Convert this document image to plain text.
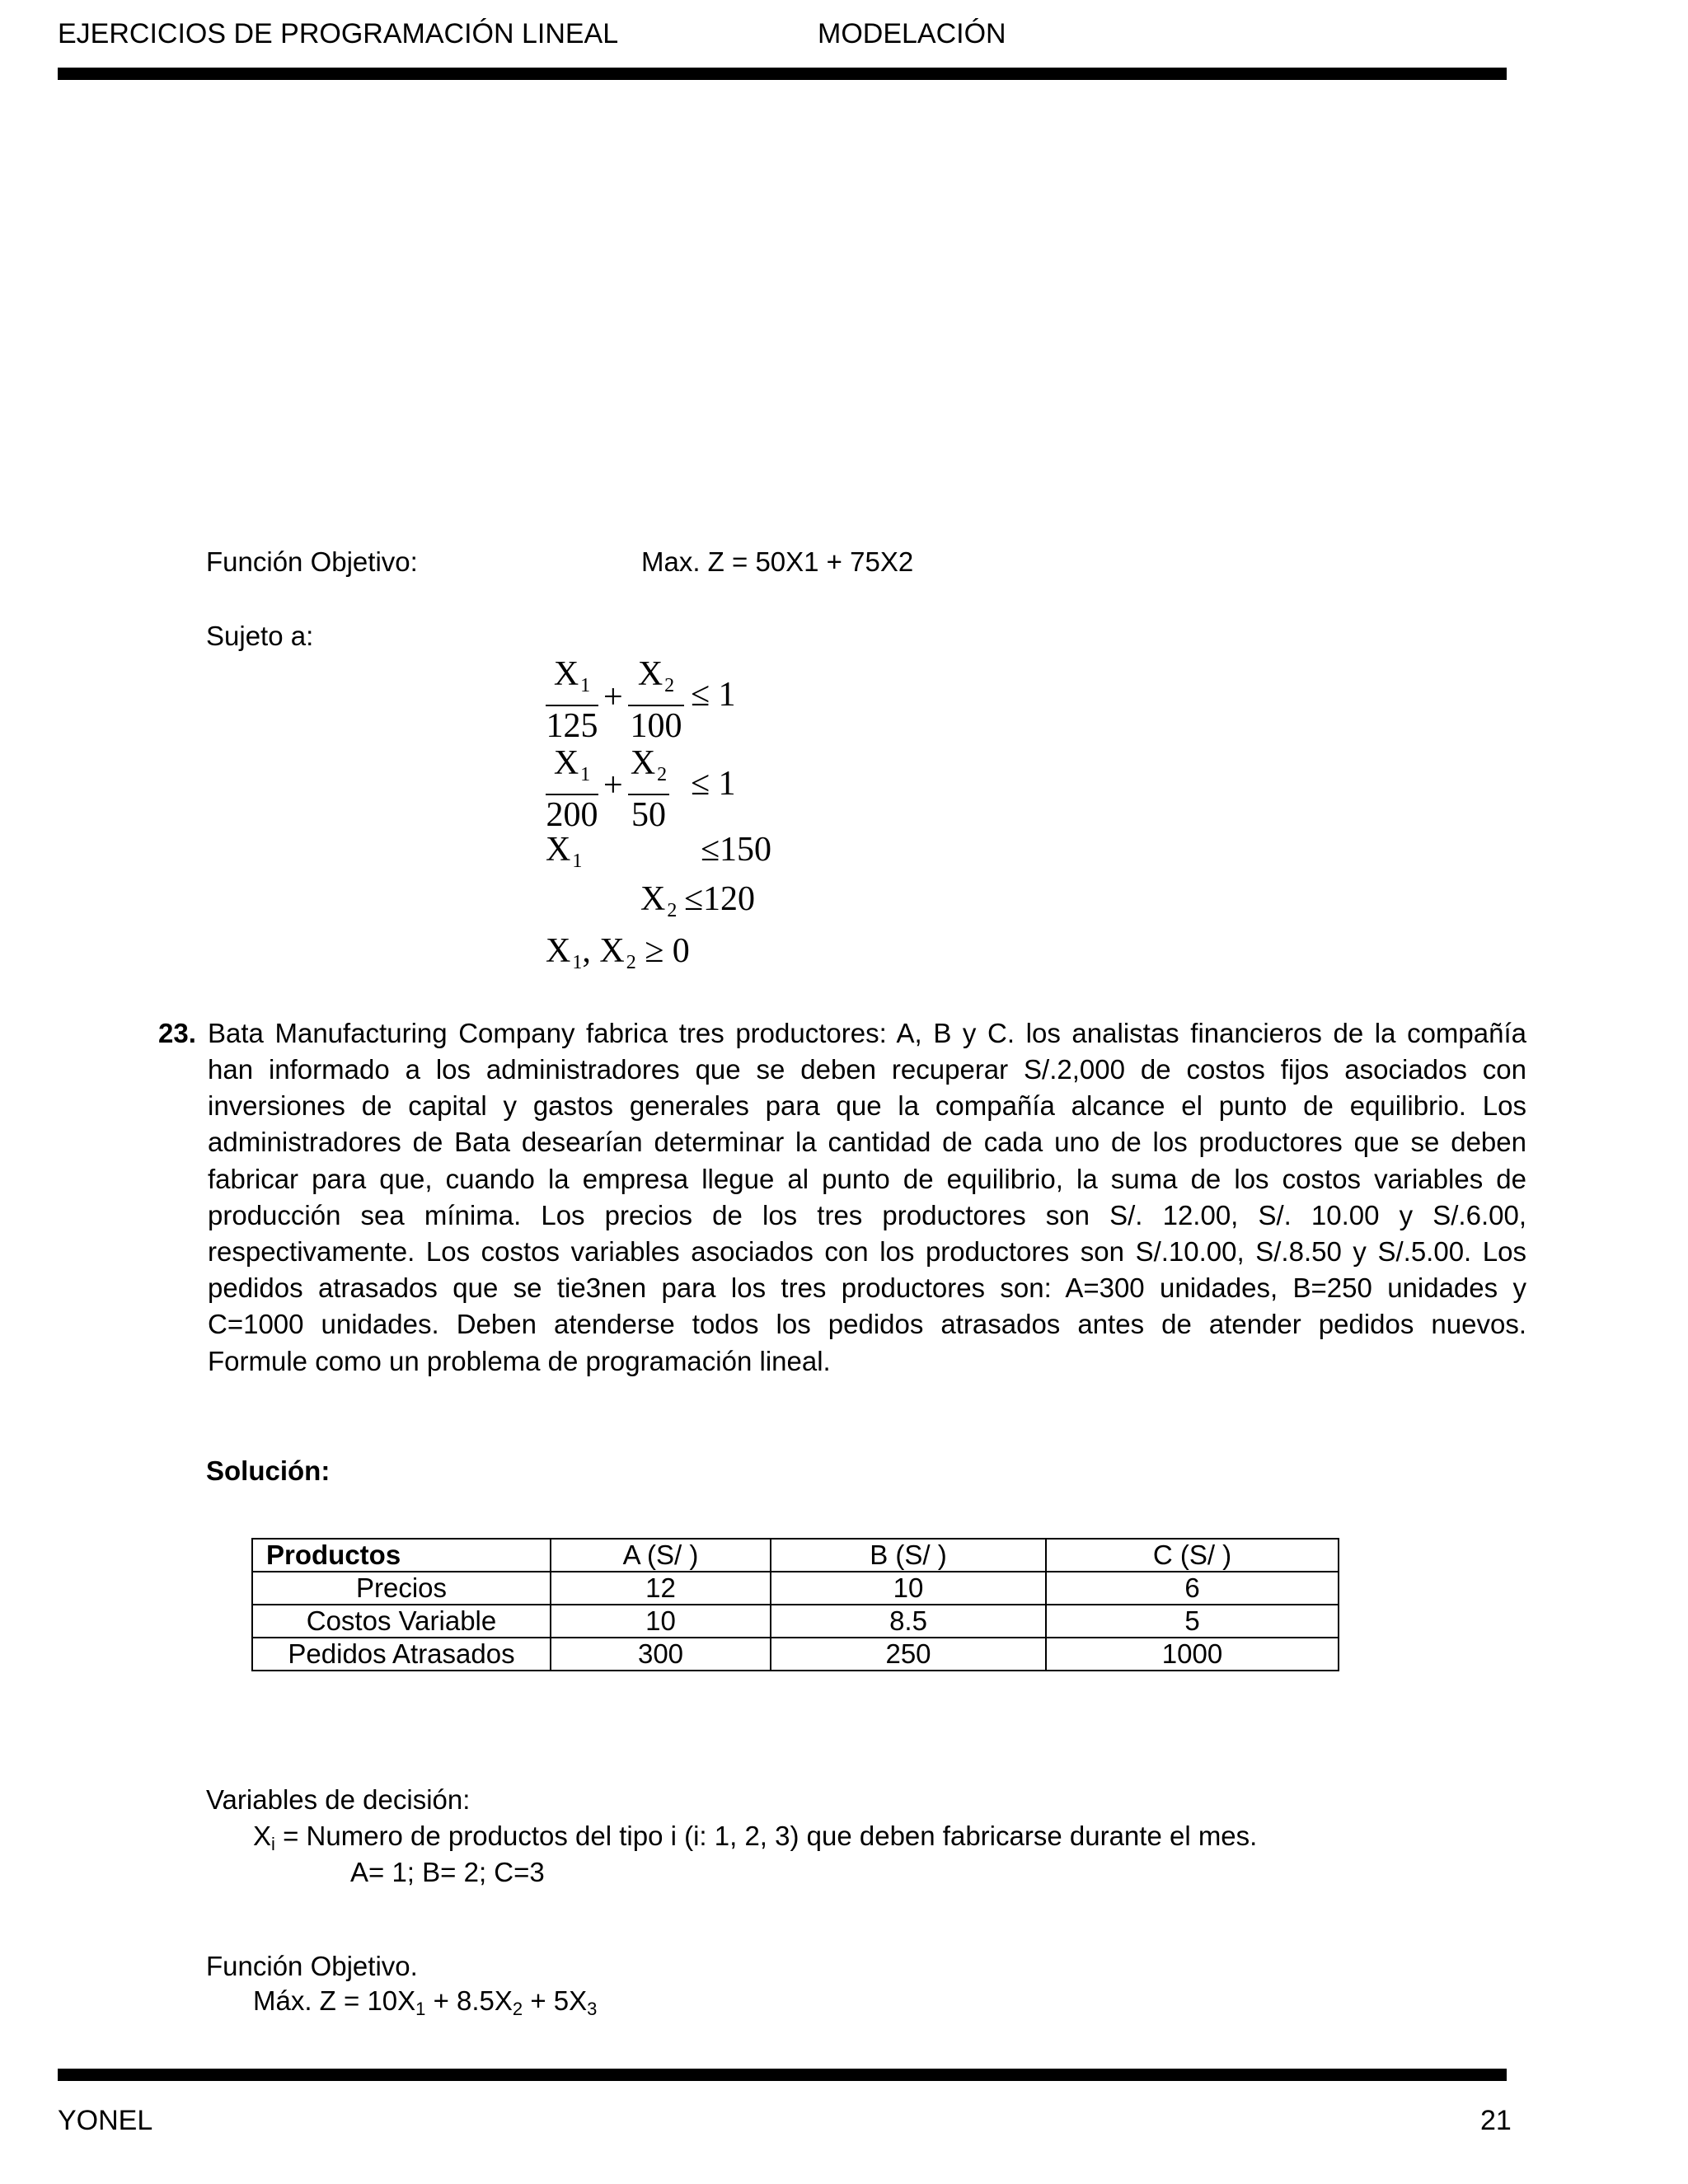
EJERCICIOS DE PROGRAMACIÓN LINEAL	MODELACIÓN
Función Objetivo:	Max. Z = 50X1 + 75X2
Sujeto a:
$X_1$
125
+
$X_2$
100
≤ 1
$X_1$
200
+
$X_2$
50
≤ 1
$X_1$	≤150
$X_2 \le 120$
$X_1$, $X_2 \ge 0$
23. Bata Manufacturing Company fabrica tres productores: A, B y C. los analistas financieros de la compañía
han informado a los administradores que se deben recuperar S/.2,000 de costos fijos asociados con
inversiones de capital y gastos generales para que la compañía alcance el punto de equilibrio. Los
administradores de Bata desearían determinar la cantidad de cada uno de los productores que se deben
fabricar para que, cuando la empresa llegue al punto de equilibrio, la suma de los costos variables de
producción sea mínima. Los precios de los tres productores son S/. 12.00, S/. 10.00 y S/.6.00,
respectivamente. Los costos variables asociados con los productores son S/.10.00, S/.8.50 y S/.5.00. Los
pedidos atrasados que se tie3nen para los tres productores son: A=300 unidades, B=250 unidades y
C=1000 unidades. Deben atenderse todos los pedidos atrasados antes de atender pedidos nuevos.
Formule como un problema de programación lineal.
Solución:
Productos	A (S/ )	B (S/ )	C (S/ )
Precios	12	10	6
Costos Variable	10	8.5	5
Pedidos Atrasados	300	250	1000
Variables de decisión:
$X_i$ = Numero de productos del tipo i (i: 1, 2, 3) que deben fabricarse durante el mes.
A= 1; B= 2; C=3
Función Objetivo.
Máx. $Z = 10X_1 + 8.5X_2 + 5X_3$
YONEL	21
